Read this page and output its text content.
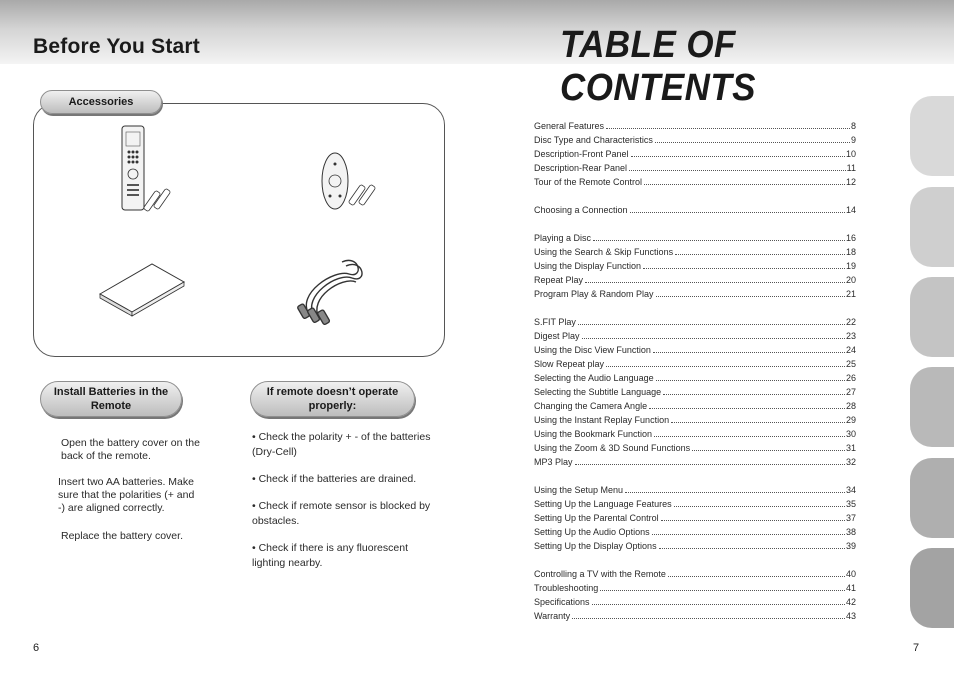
Before You Start	TABLE OF CONTENTS
Accessories
Install Batteries in the Remote
Open the battery cover on the back of the remote.
Insert two AA batteries. Make sure that the polarities (+ and -) are aligned correctly.
Replace the battery cover.
If remote doesn’t operate properly:
• Check the polarity + - of the batteries (Dry-Cell)
• Check if the batteries are drained.
• Check if remote sensor is blocked by obstacles.
• Check if there is any fluorescent lighting nearby.
General Features	8
Disc Type and Characteristics	9
Description-Front Panel	10
Description-Rear Panel	11
Tour of the Remote Control	12
Choosing a Connection	14
Playing a Disc	16
Using the Search & Skip Functions	18
Using the Display Function	19
Repeat Play	20
Program Play & Random Play	21
S.FIT Play	22
Digest Play	23
Using the Disc View Function	24
Slow Repeat play	25
Selecting the Audio Language	26
Selecting the Subtitle Language	27
Changing the Camera Angle	28
Using the Instant Replay Function	29
Using the Bookmark Function	30
Using the Zoom & 3D Sound Functions	31
MP3 Play	32
Using the Setup Menu	34
Setting Up the Language Features	35
Setting Up the Parental Control	37
Setting Up the Audio Options	38
Setting Up the Display Options	39
Controlling a TV with the Remote	40
Troubleshooting	41
Specifications	42
Warranty	43
6	7
